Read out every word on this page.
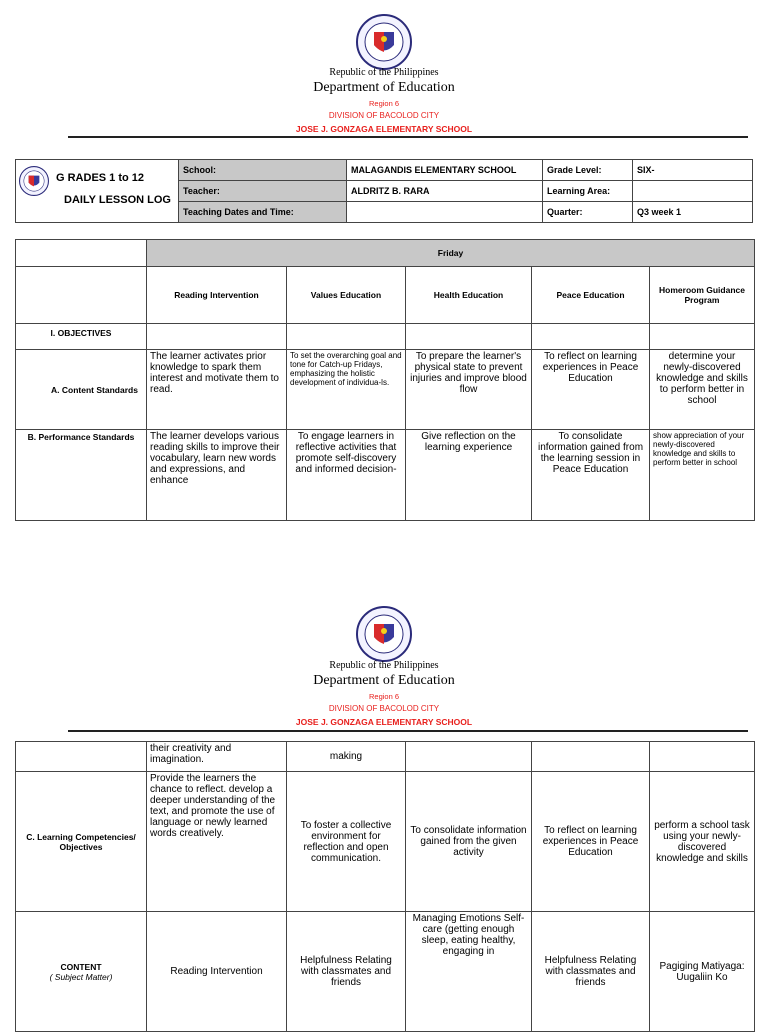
Republic of the Philippines
Department of Education
Region 6
DIVISION OF BACOLOD CITY
JOSE J. GONZAGA ELEMENTARY SCHOOL
G RADES 1 to 12
DAILY LESSON LOG	School:	MALAGANDIS ELEMENTARY SCHOOL	Grade Level:	SIX-
	Teacher:	ALDRITZ B. RARA	Learning Area:	
	Teaching Dates and Time:		Quarter:	Q3 week 1
	Friday				
	Reading Intervention	Values Education	Health Education	Peace Education	Homeroom Guidance Program
I. OBJECTIVES					
A. Content Standards	The learner activates prior knowledge to spark them interest and motivate them to read.	To set the overarching goal and tone for Catch-up Fridays, emphasizing the holistic development of individua-ls.	To prepare the learner's physical state to prevent injuries and improve blood flow	To reflect on learning experiences in Peace Education	determine your newly-discovered knowledge and skills to perform better in school
B. Performance Standards	The learner develops various reading skills to improve their vocabulary, learn new words and expressions, and enhance	To engage learners in reflective activities that promote self-discovery and informed decision-	Give reflection on the learning experience	To consolidate information gained from the learning session in Peace Education	show appreciation of your newly-discovered knowledge and skills to perform better in school
Republic of the Philippines
Department of Education
Region 6
DIVISION OF BACOLOD CITY
JOSE J. GONZAGA ELEMENTARY SCHOOL
	their creativity and imagination.	making			
C. Learning Competencies/ Objectives	Provide the learners the chance to reflect. develop a deeper understanding of the text, and promote the use of language or newly learned words creatively.	To foster a collective environment for reflection and open communication.	To consolidate information gained from the given activity	To reflect on learning experiences in Peace Education	perform a school task using your newly-discovered knowledge and skills

CONTENT
( Subject Matter)	Reading Intervention	Helpfulness Relating with classmates and friends	Managing Emotions Self-care (getting enough sleep, eating healthy, engaging in	Helpfulness Relating with classmates and friends	Pagiging Matiyaga: Uugaliin Ko
